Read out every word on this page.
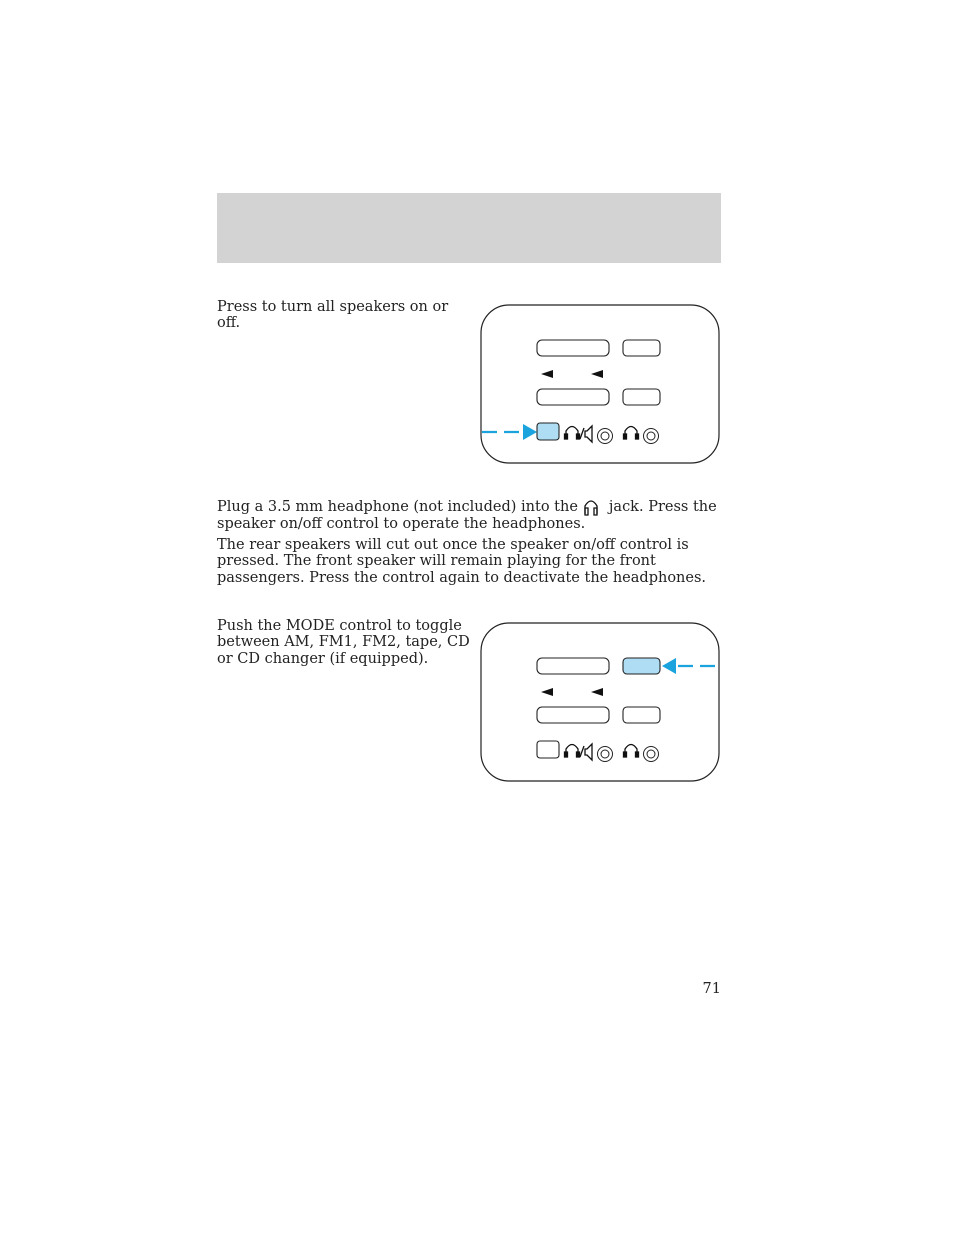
Press to turn all speakers on or off.

Plug a 3.5 mm headphone (not included) into the jack. Press the speaker on/off control to operate the headphones.

The rear speakers will cut out once the speaker on/off control is pressed. The front speaker will remain playing for the front passengers. Press the control again to deactivate the headphones.

Push the MODE control to toggle between AM, FM1, FM2, tape, CD or CD changer (if equipped).

71
